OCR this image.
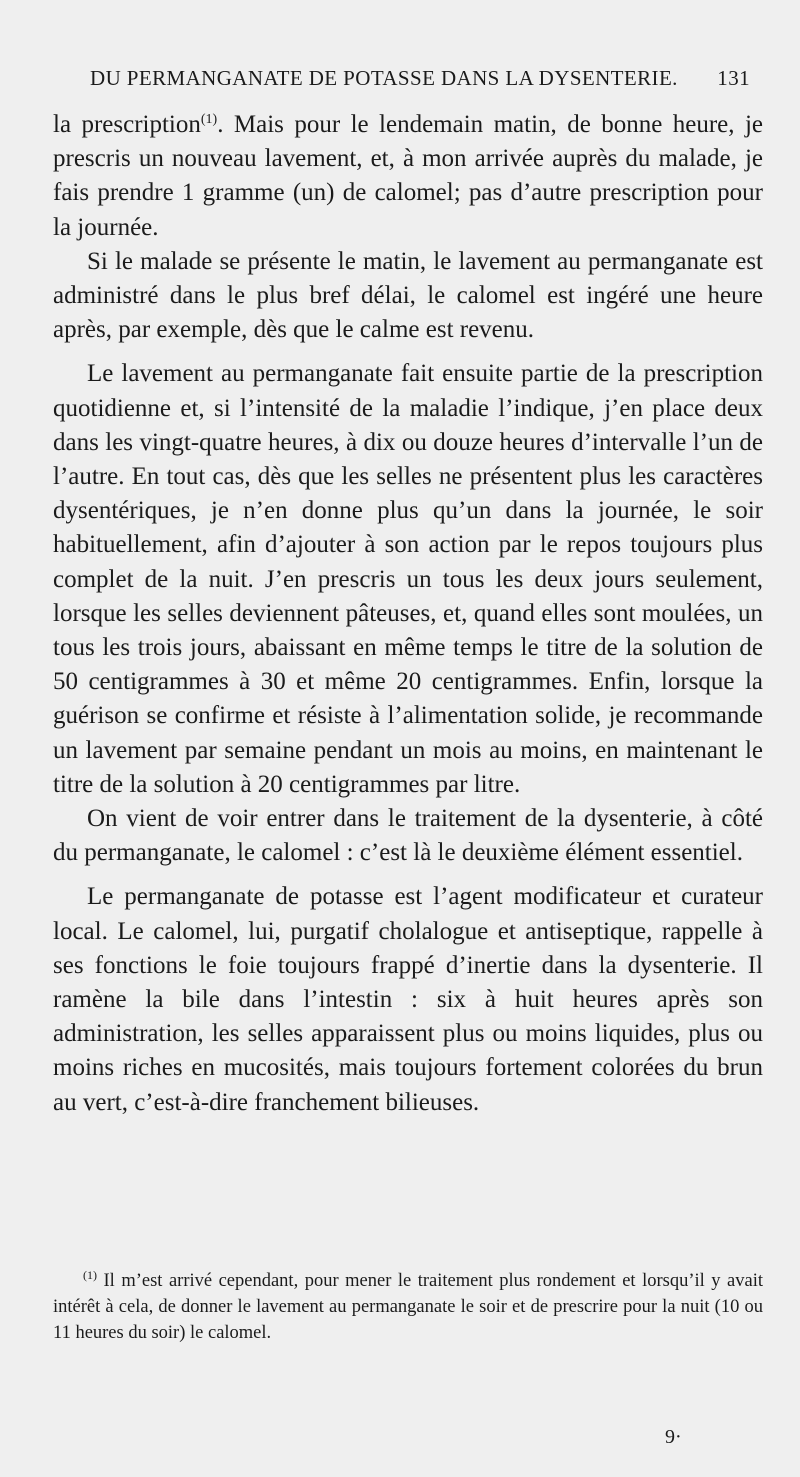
DU PERMANGANATE DE POTASSE DANS LA DYSENTERIE. 131

la prescription$^{(1)}$. Mais pour le lendemain matin, de bonne heure, je prescris un nouveau lavement, et, à mon arrivée auprès du malade, je fais prendre 1 gramme (un) de calomel; pas d’autre prescription pour la journée.

Si le malade se présente le matin, le lavement au permanganate est administré dans le plus bref délai, le calomel est ingéré une heure après, par exemple, dès que le calme est revenu.

Le lavement au permanganate fait ensuite partie de la prescription quotidienne et, si l’intensité de la maladie l’indique, j’en place deux dans les vingt-quatre heures, à dix ou douze heures d’intervalle l’un de l’autre. En tout cas, dès que les selles ne présentent plus les caractères dysentériques, je n’en donne plus qu’un dans la journée, le soir habituellement, afin d’ajouter à son action par le repos toujours plus complet de la nuit. J’en prescris un tous les deux jours seulement, lorsque les selles deviennent pâteuses, et, quand elles sont moulées, un tous les trois jours, abaissant en même temps le titre de la solution de 50 centigrammes à 30 et même 20 centigrammes. Enfin, lorsque la guérison se confirme et résiste à l’alimentation solide, je recommande un lavement par semaine pendant un mois au moins, en maintenant le titre de la solution à 20 centigrammes par litre.

On vient de voir entrer dans le traitement de la dysenterie, à côté du permanganate, le calomel : c’est là le deuxième élément essentiel.

Le permanganate de potasse est l’agent modificateur et curateur local. Le calomel, lui, purgatif cholalogue et antiseptique, rappelle à ses fonctions le foie toujours frappé d’inertie dans la dysenterie. Il ramène la bile dans l’intestin : six à huit heures après son administration, les selles apparaissent plus ou moins liquides, plus ou moins riches en mucosités, mais toujours fortement colorées du brun au vert, c’est-à-dire franchement bilieuses.

$^{(1)}$ Il m’est arrivé cependant, pour mener le traitement plus rondement et lorsqu’il y avait intérêt à cela, de donner le lavement au permanganate le soir et de prescrire pour la nuit (10 ou 11 heures du soir) le calomel.

9·
